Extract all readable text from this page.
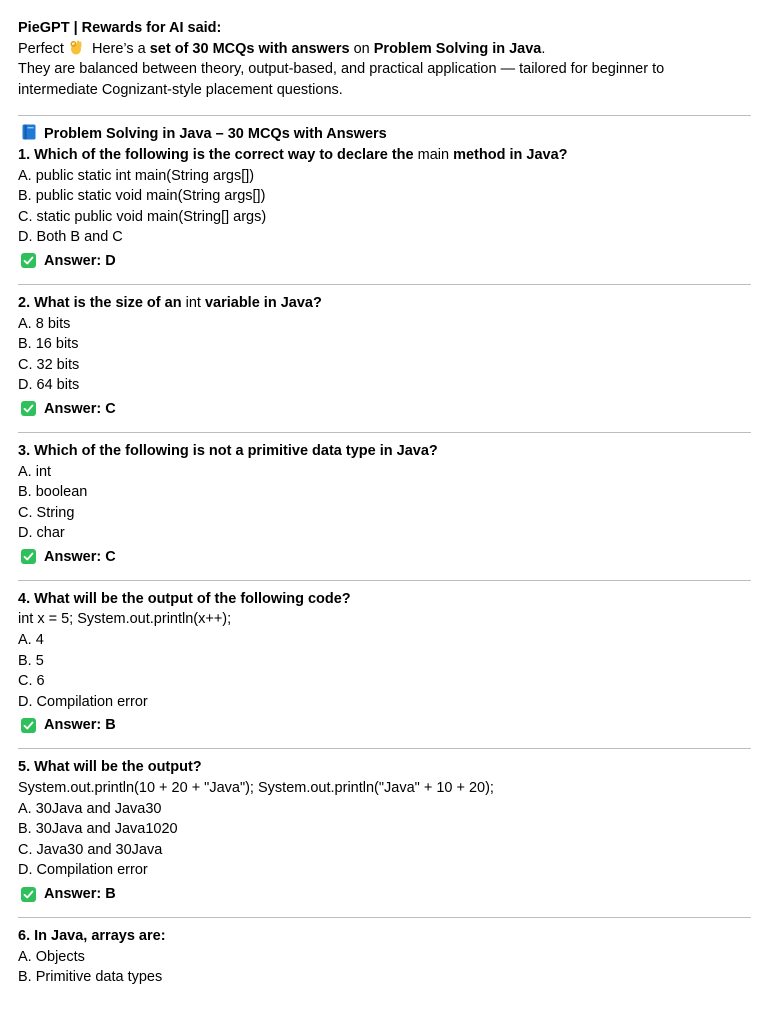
PieGPT | Rewards for AI said:
Perfect Here’s a set of 30 MCQs with answers on Problem Solving in Java.
They are balanced between theory, output-based, and practical application — tailored for beginner to intermediate Cognizant-style placement questions.
Problem Solving in Java – 30 MCQs with Answers
1. Which of the following is the correct way to declare the main method in Java?
A. public static int main(String args[])
B. public static void main(String args[])
C. static public void main(String[] args)
D. Both B and C
Answer: D
2. What is the size of an int variable in Java?
A. 8 bits
B. 16 bits
C. 32 bits
D. 64 bits
Answer: C
3. Which of the following is not a primitive data type in Java?
A. int
B. boolean
C. String
D. char
Answer: C
4. What will be the output of the following code?
int x = 5; System.out.println(x++);
A. 4
B. 5
C. 6
D. Compilation error
Answer: B
5. What will be the output?
System.out.println(10 + 20 + "Java"); System.out.println("Java" + 10 + 20);
A. 30Java and Java30
B. 30Java and Java1020
C. Java30 and 30Java
D. Compilation error
Answer: B
6. In Java, arrays are:
A. Objects
B. Primitive data types
